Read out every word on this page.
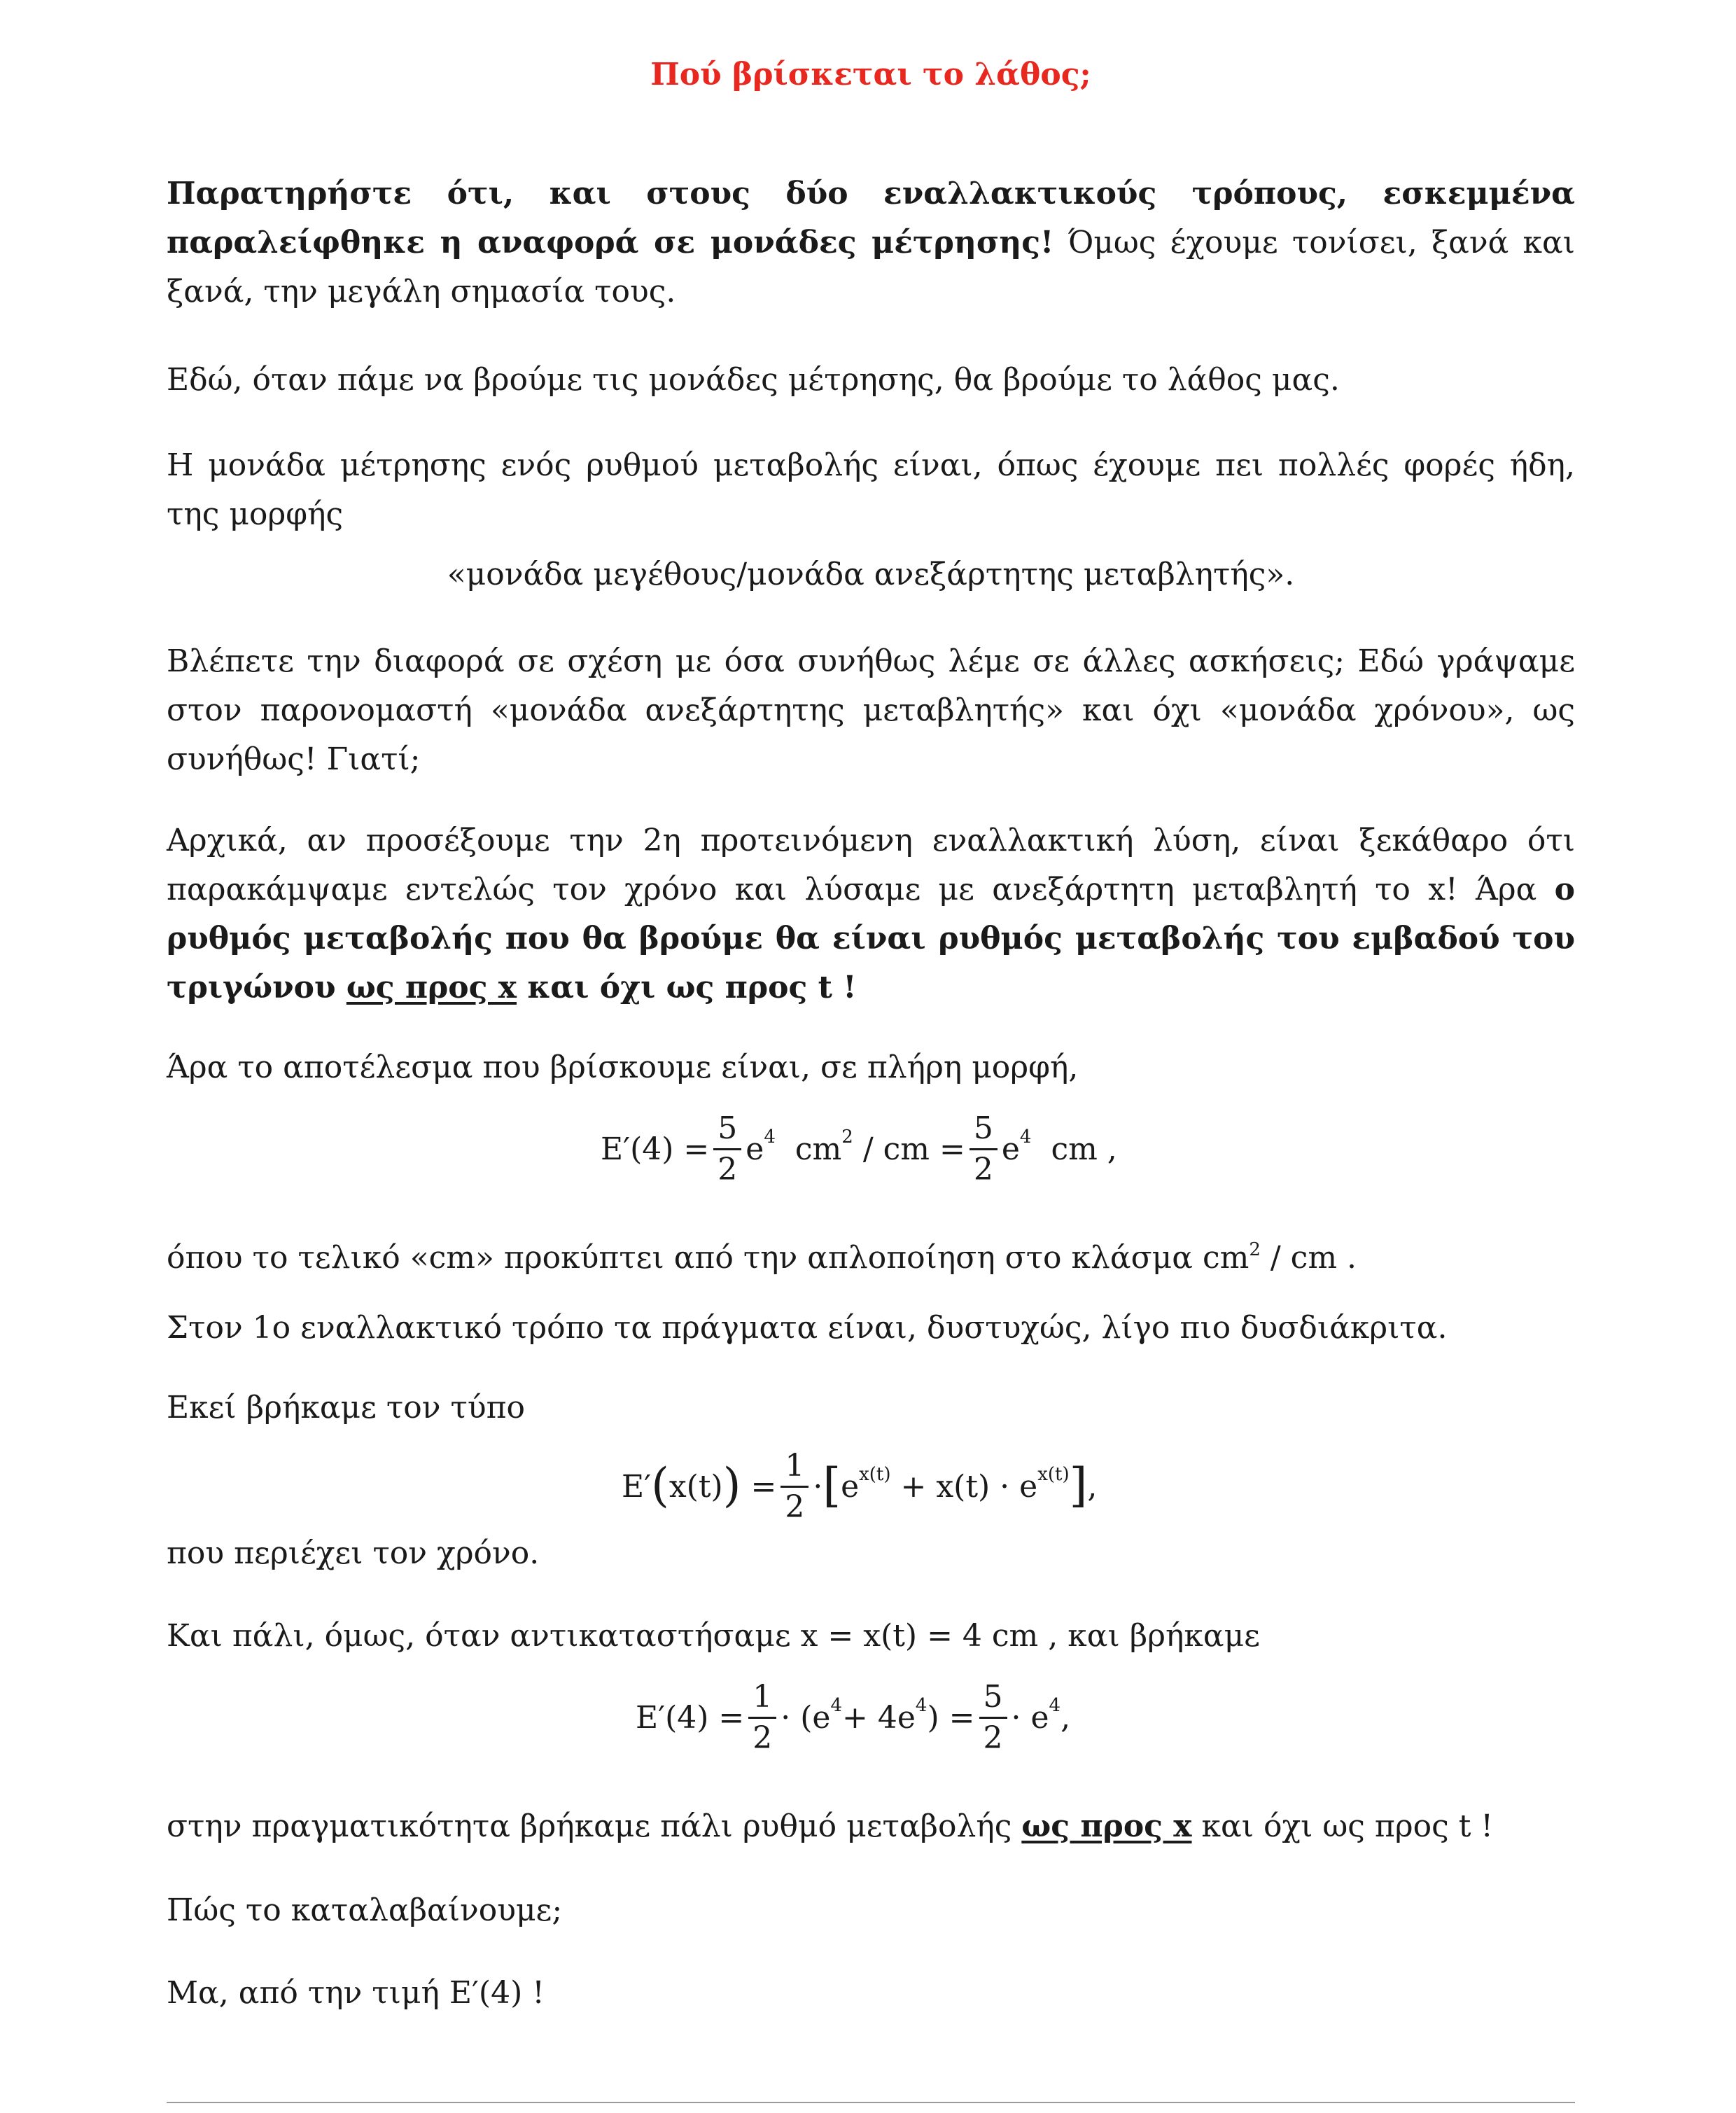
Πού βρίσκεται το λάθος;
Παρατηρήστε ότι, και στους δύο εναλλακτικούς τρόπους, εσκεμμένα παραλείφθηκε η αναφορά σε μονάδες μέτρησης! Όμως έχουμε τονίσει, ξανά και ξανά, την μεγάλη σημασία τους.
Εδώ, όταν πάμε να βρούμε τις μονάδες μέτρησης, θα βρούμε το λάθος μας.
Η μονάδα μέτρησης ενός ρυθμού μεταβολής είναι, όπως έχουμε πει πολλές φορές ήδη, της μορφής
«μονάδα μεγέθους/μονάδα ανεξάρτητης μεταβλητής».
Βλέπετε την διαφορά σε σχέση με όσα συνήθως λέμε σε άλλες ασκήσεις; Εδώ γράψαμε στον παρονομαστή «μονάδα ανεξάρτητης μεταβλητής» και όχι «μονάδα χρόνου», ως συνήθως! Γιατί;
Αρχικά, αν προσέξουμε την 2η προτεινόμενη εναλλακτική λύση, είναι ξεκάθαρο ότι παρακάμψαμε εντελώς τον χρόνο και λύσαμε με ανεξάρτητη μεταβλητή το x! Άρα ο ρυθμός μεταβολής που θα βρούμε θα είναι ρυθμός μεταβολής του εμβαδού του τριγώνου ως προς x και όχι ως προς t !
Άρα το αποτέλεσμα που βρίσκουμε είναι, σε πλήρη μορφή,
$E'(4) = \frac{5}{2}$ e 4 cm 2 / cm = $\frac{5}{2}$ e 4 cm ,
όπου το τελικό «cm» προκύπτει από την απλοποίηση στο κλάσμα $cm^2$ / cm .
Στον 1ο εναλλακτικό τρόπο τα πράγματα είναι, δυστυχώς, λίγο πιο δυσδιάκριτα.
Εκεί βρήκαμε τον τύπο
E′ ( x(t) ) = $\frac{1}{2}$ · [ e x(t) + x(t) · e x(t) ] ,
που περιέχει τον χρόνο.
Και πάλι, όμως, όταν αντικαταστήσαμε x = x(t) = 4 cm , και βρήκαμε
$E'(4) = \frac{1}{2} \cdot (e$ 4 + 4e 4 ) = $\frac{5}{2} \cdot e$ 4 ,
στην πραγματικότητα βρήκαμε πάλι ρυθμό μεταβολής ως προς x και όχι ως προς t !
Πώς το καταλαβαίνουμε;
Μα, από την τιμή E′(4) !
